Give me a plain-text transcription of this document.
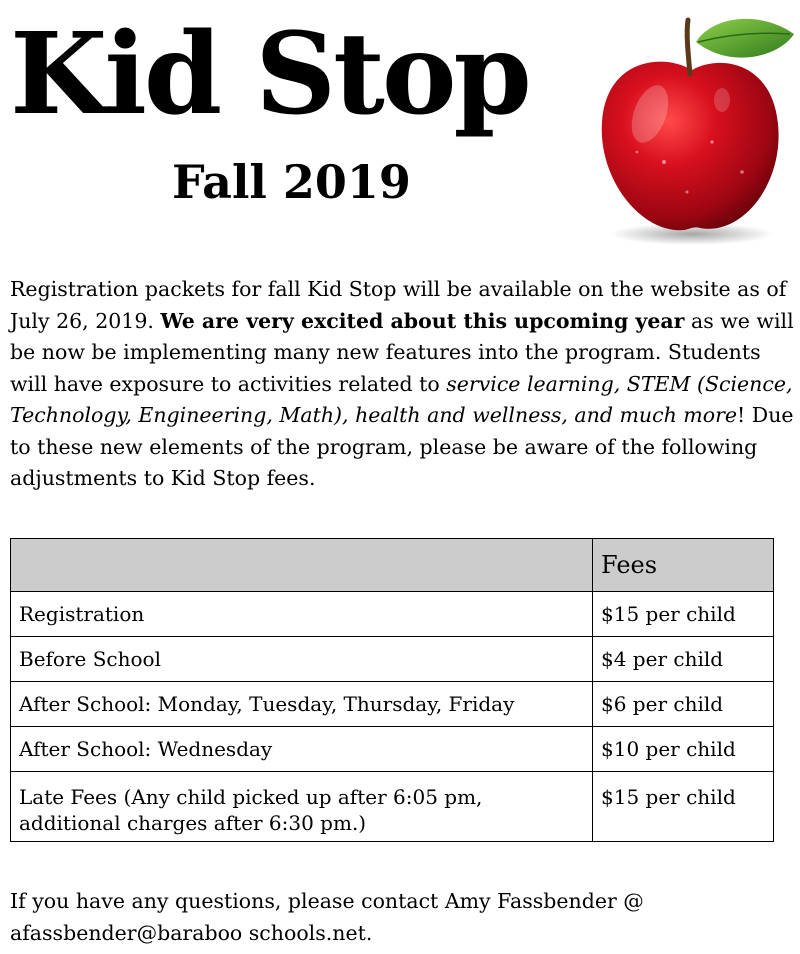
Kid Stop
Fall 2019

Registration packets for fall Kid Stop will be available on the website as of July 26, 2019. We are very excited about this upcoming year as we will be now be implementing many new features into the program. Students will have exposure to activities related to service learning, STEM (Science, Technology, Engineering, Math), health and wellness, and much more! Due to these new elements of the program, please be aware of the following adjustments to Kid Stop fees.

	Fees
Registration	$15 per child
Before School	$4 per child
After School: Monday, Tuesday, Thursday, Friday	$6 per child
After School: Wednesday	$10 per child
Late Fees (Any child picked up after 6:05 pm, additional charges after 6:30 pm.)	$15 per child

If you have any questions, please contact Amy Fassbender @ afassbender@baraboo schools.net.
